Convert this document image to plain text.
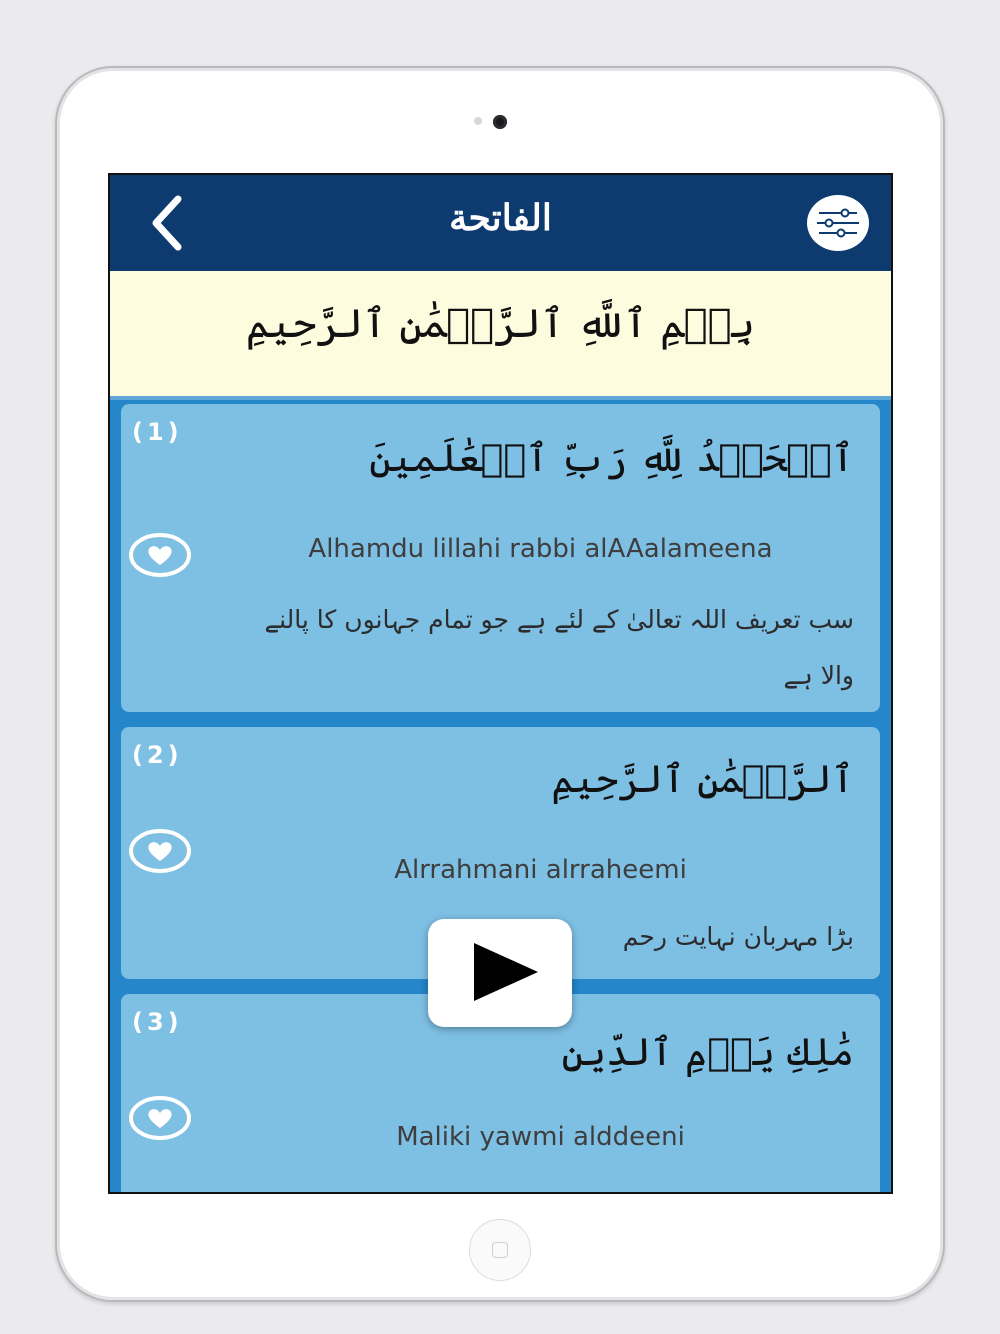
الفاتحة
بِسۡمِ ٱللَّهِ ٱلرَّحۡمَٰنِ ٱلرَّحِيمِ
(1)
ٱلۡحَمۡدُ لِلَّهِ رَبِّ ٱلۡعَٰلَمِينَ
Alhamdu lillahi rabbi alAAalameena
سب تعریف اللہ تعالیٰ کے لئے ہے جو تمام جہانوں کا پالنے والا ہے
(2)
ٱلرَّحۡمَٰنِ ٱلرَّحِيمِ
Alrrahmani alrraheemi
بڑا مہربان نہایت رحم
(3)
مَٰلِكِ يَوۡمِ ٱلدِّينِ
Maliki yawmi alddeeni
